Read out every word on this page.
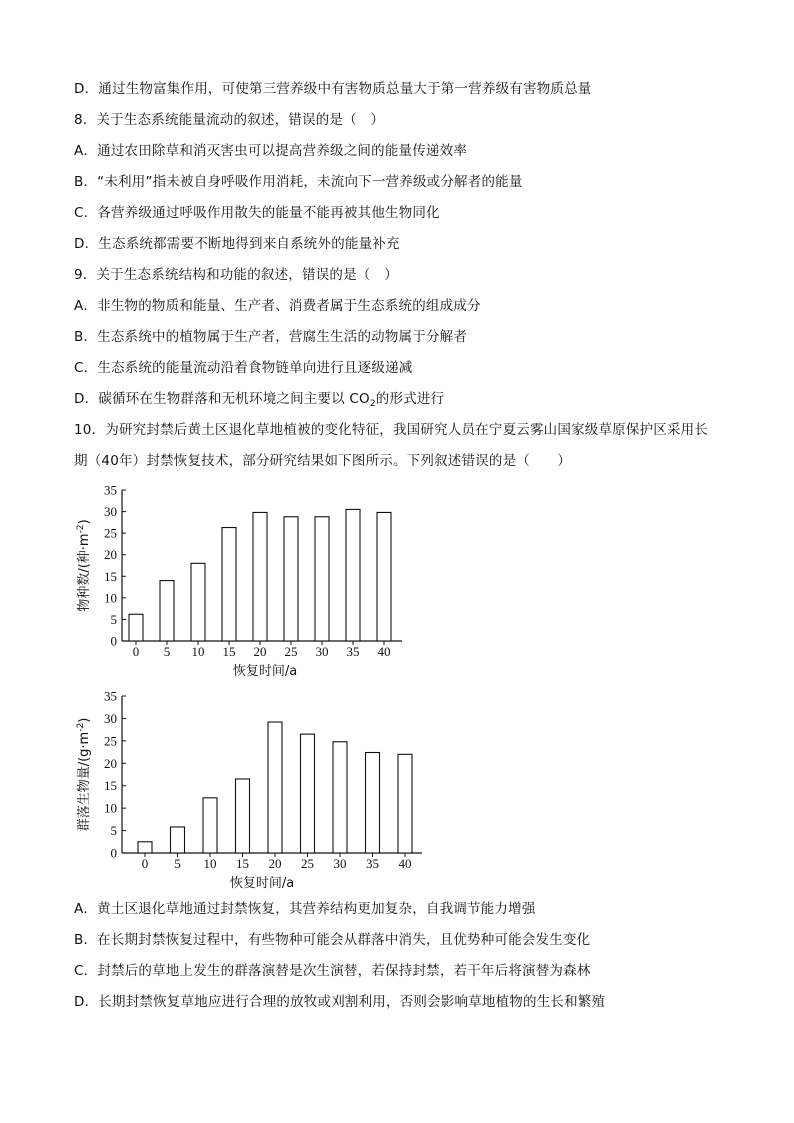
D．通过生物富集作用，可使第三营养级中有害物质总量大于第一营养级有害物质总量
8．关于生态系统能量流动的叙述，错误的是（　）
A．通过农田除草和消灭害虫可以提高营养级之间的能量传递效率
B．“未利用”指未被自身呼吸作用消耗，未流向下一营养级或分解者的能量
C．各营养级通过呼吸作用散失的能量不能再被其他生物同化
D．生态系统都需要不断地得到来自系统外的能量补充
9．关于生态系统结构和功能的叙述，错误的是（　）
A．非生物的物质和能量、生产者、消费者属于生态系统的组成成分
B．生态系统中的植物属于生产者，营腐生生活的动物属于分解者
C．生态系统的能量流动沿着食物链单向进行且逐级递减
D．碳循环在生物群落和无机环境之间主要以 $CO_2$的形式进行
10．为研究封禁后黄土区退化草地植被的变化特征，我国研究人员在宁夏云雾山国家级草原保护区采用长
期（40年）封禁恢复技术，部分研究结果如下图所示。下列叙述错误的是（　　）
0
5
10
15
20
25
30
35
0 5 10 15 20 25 30 35 40
恢复时间/a
物种数/(种$\cdot m^{-2}$)
0
5
10
15
20
25
30
35
0 5 10 15 20 25 30 35 40
恢复时间/a
群落生物量$/(g\cdot m^{-2})$
A．黄土区退化草地通过封禁恢复，其营养结构更加复杂，自我调节能力增强
B．在长期封禁恢复过程中，有些物种可能会从群落中消失，且优势种可能会发生变化
C．封禁后的草地上发生的群落演替是次生演替，若保持封禁，若干年后将演替为森林
D．长期封禁恢复草地应进行合理的放牧或刈割利用，否则会影响草地植物的生长和繁殖
